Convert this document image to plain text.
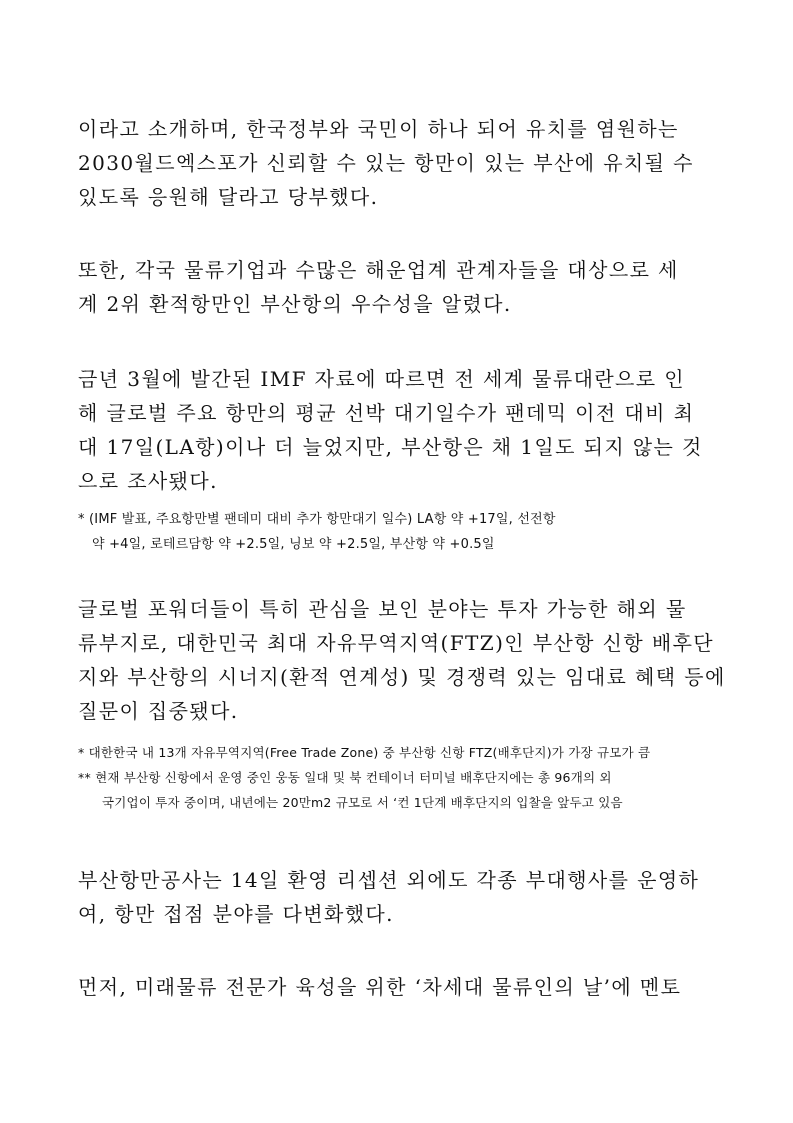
이라고 소개하며, 한국정부와 국민이 하나 되어 유치를 염원하는
2030월드엑스포가 신뢰할 수 있는 항만이 있는 부산에 유치될 수
있도록 응원해 달라고 당부했다.
또한, 각국 물류기업과 수많은 해운업계 관계자들을 대상으로 세
계 2위 환적항만인 부산항의 우수성을 알렸다.
금년 3월에 발간된 IMF 자료에 따르면 전 세계 물류대란으로 인
해 글로벌 주요 항만의 평균 선박 대기일수가 팬데믹 이전 대비 최
대 17일(LA항)이나 더 늘었지만, 부산항은 채 1일도 되지 않는 것
으로 조사됐다.
* (IMF 발표, 주요항만별 팬데미 대비 추가 항만대기 일수) LA항 약 +17일, 선전항
약 +4일, 로테르담항 약 +2.5일, 닝보 약 +2.5일, 부산항 약 +0.5일
글로벌 포워더들이 특히 관심을 보인 분야는 투자 가능한 해외 물
류부지로, 대한민국 최대 자유무역지역(FTZ)인 부산항 신항 배후단
지와 부산항의 시너지(환적 연계성) 및 경쟁력 있는 임대료 혜택 등에
질문이 집중됐다.
* 대한한국 내 13개 자유무역지역(Free Trade Zone) 중 부산항 신항 FTZ(배후단지)가 가장 규모가 큼
** 현재 부산항 신항에서 운영 중인 웅동 일대 및 북 컨테이너 터미널 배후단지에는 총 96개의 외
국기업이 투자 중이며, 내년에는 20만m2 규모로 서 ‘컨 1단계 배후단지의 입찰을 앞두고 있음
부산항만공사는 14일 환영 리셉션 외에도 각종 부대행사를 운영하
여, 항만 접점 분야를 다변화했다.
먼저, 미래물류 전문가 육성을 위한 ‘차세대 물류인의 날’에 멘토
